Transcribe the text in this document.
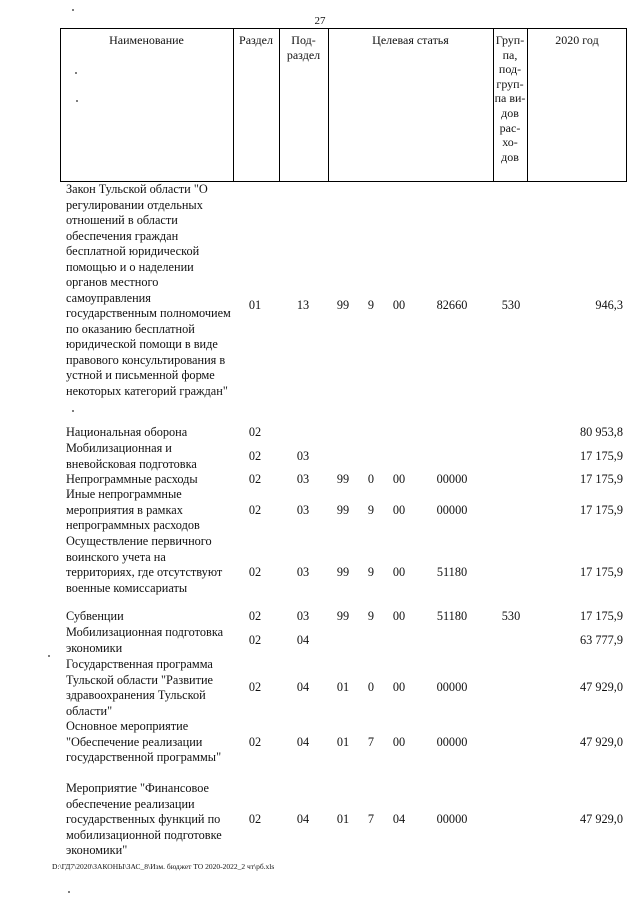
27
Наименование	Раздел	Под-
раздел
Целевая статья	Груп-
па,
под-
груп-
па ви-
дов
рас-
хо-
дов
2020 год
Закон Тульской области "О
регулировании отдельных
отношений в области
обеспечения граждан
бесплатной юридической
помощью и о наделении
органов местного
самоуправления
государственным полномочием
по оказанию бесплатной
юридической помощи в виде
правового консультирования в
устной и письменной форме
некоторых категорий граждан"
01	13	99	9	00	82660	530	946,3
Национальная оборона	02	80 953,8
Мобилизационная и
вневойсковая подготовка
02	03	17 175,9
Непрограммные расходы	02	03	99	0	00	00000	17 175,9
Иные непрограммные
мероприятия в рамках
непрограммных расходов
02	03	99	9	00	00000	17 175,9
Осуществление первичного
воинского учета на
территориях, где отсутствуют
военные комиссариаты
02	03	99	9	00	51180	17 175,9
Субвенции	02	03	99	9	00	51180	530	17 175,9
Мобилизационная подготовка
экономики
02	04	63 777,9
Государственная программа
Тульской области "Развитие
здравоохранения Тульской
области"
02	04	01	0	00	00000	47 929,0
Основное мероприятие
"Обеспечение реализации
государственной программы"
02	04	01	7	00	00000	47 929,0
Мероприятие "Финансовое
обеспечение реализации
государственных функций по
мобилизационной подготовке
экономики"
02	04	01	7	04	00000	47 929,0
D:\ГД7\2020\ЗАКОНЫ\ЗАС_8\Изм. бюджет ТО 2020-2022_2 чт\рб.xls
